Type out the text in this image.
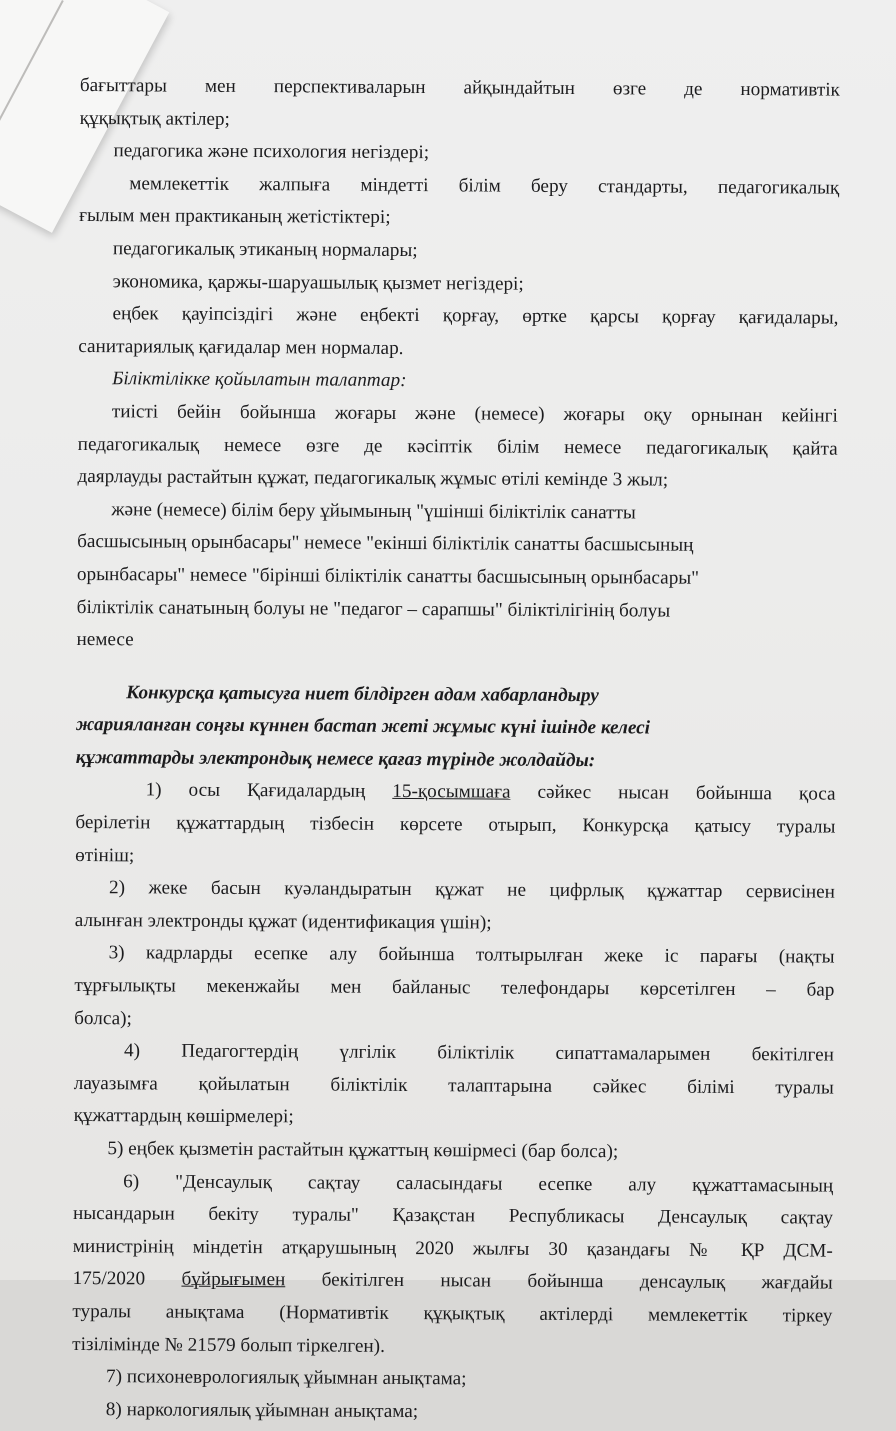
бағыттары мен перспективаларын айқындайтын өзге де нормативтік
құқықтық актілер;
педагогика және психология негіздері;
мемлекеттік жалпыға міндетті білім беру стандарты, педагогикалық
ғылым мен практиканың жетістіктері;
педагогикалық этиканың нормалары;
экономика, қаржы-шаруашылық қызмет негіздері;
еңбек қауіпсіздігі және еңбекті қорғау, өртке қарсы қорғау қағидалары,
санитариялық қағидалар мен нормалар.
Біліктілікке қойылатын талаптар:
тиісті бейін бойынша жоғары және (немесе) жоғары оқу орнынан кейінгі
педагогикалық немесе өзге де кәсіптік білім немесе педагогикалық қайта
даярлауды растайтын құжат, педагогикалық жұмыс өтілі кемінде 3 жыл;
және (немесе) білім беру ұйымының "үшінші біліктілік санатты
басшысының орынбасары" немесе "екінші біліктілік санатты басшысының
орынбасары" немесе "бірінші біліктілік санатты басшысының орынбасары"
біліктілік санатының болуы не "педагог – сарапшы" біліктілігінің болуы
немесе
Конкурсқа қатысуға ниет білдірген адам хабарландыру
жарияланған соңғы күннен бастап жеті жұмыс күні ішінде келесі
құжаттарды электрондық немесе қағаз түрінде жолдайды:
1) осы Қағидалардың 15-қосымшаға сәйкес нысан бойынша қоса
берілетін құжаттардың тізбесін көрсете отырып, Конкурсқа қатысу туралы
өтініш;
2) жеке басын куәландыратын құжат не цифрлық құжаттар сервисінен
алынған электронды құжат (идентификация үшін);
3) кадрларды есепке алу бойынша толтырылған жеке іс парағы (нақты
тұрғылықты мекенжайы мен байланыс телефондары көрсетілген – бар
болса);
4) Педагогтердің үлгілік біліктілік сипаттамаларымен бекітілген
лауазымға қойылатын біліктілік талаптарына сәйкес білімі туралы
құжаттардың көшірмелері;
5) еңбек қызметін растайтын құжаттың көшірмесі (бар болса);
6) "Денсаулық сақтау саласындағы есепке алу құжаттамасының
нысандарын бекіту туралы" Қазақстан Республикасы Денсаулық сақтау
министрінің міндетін атқарушының 2020 жылғы 30 қазандағы № ҚР ДСМ-
175/2020 бұйрығымен бекітілген нысан бойынша денсаулық жағдайы
туралы анықтама (Нормативтік құқықтық актілерді мемлекеттік тіркеу
тізілімінде № 21579 болып тіркелген).
7) психоневрологиялық ұйымнан анықтама;
8) наркологиялық ұйымнан анықтама;
